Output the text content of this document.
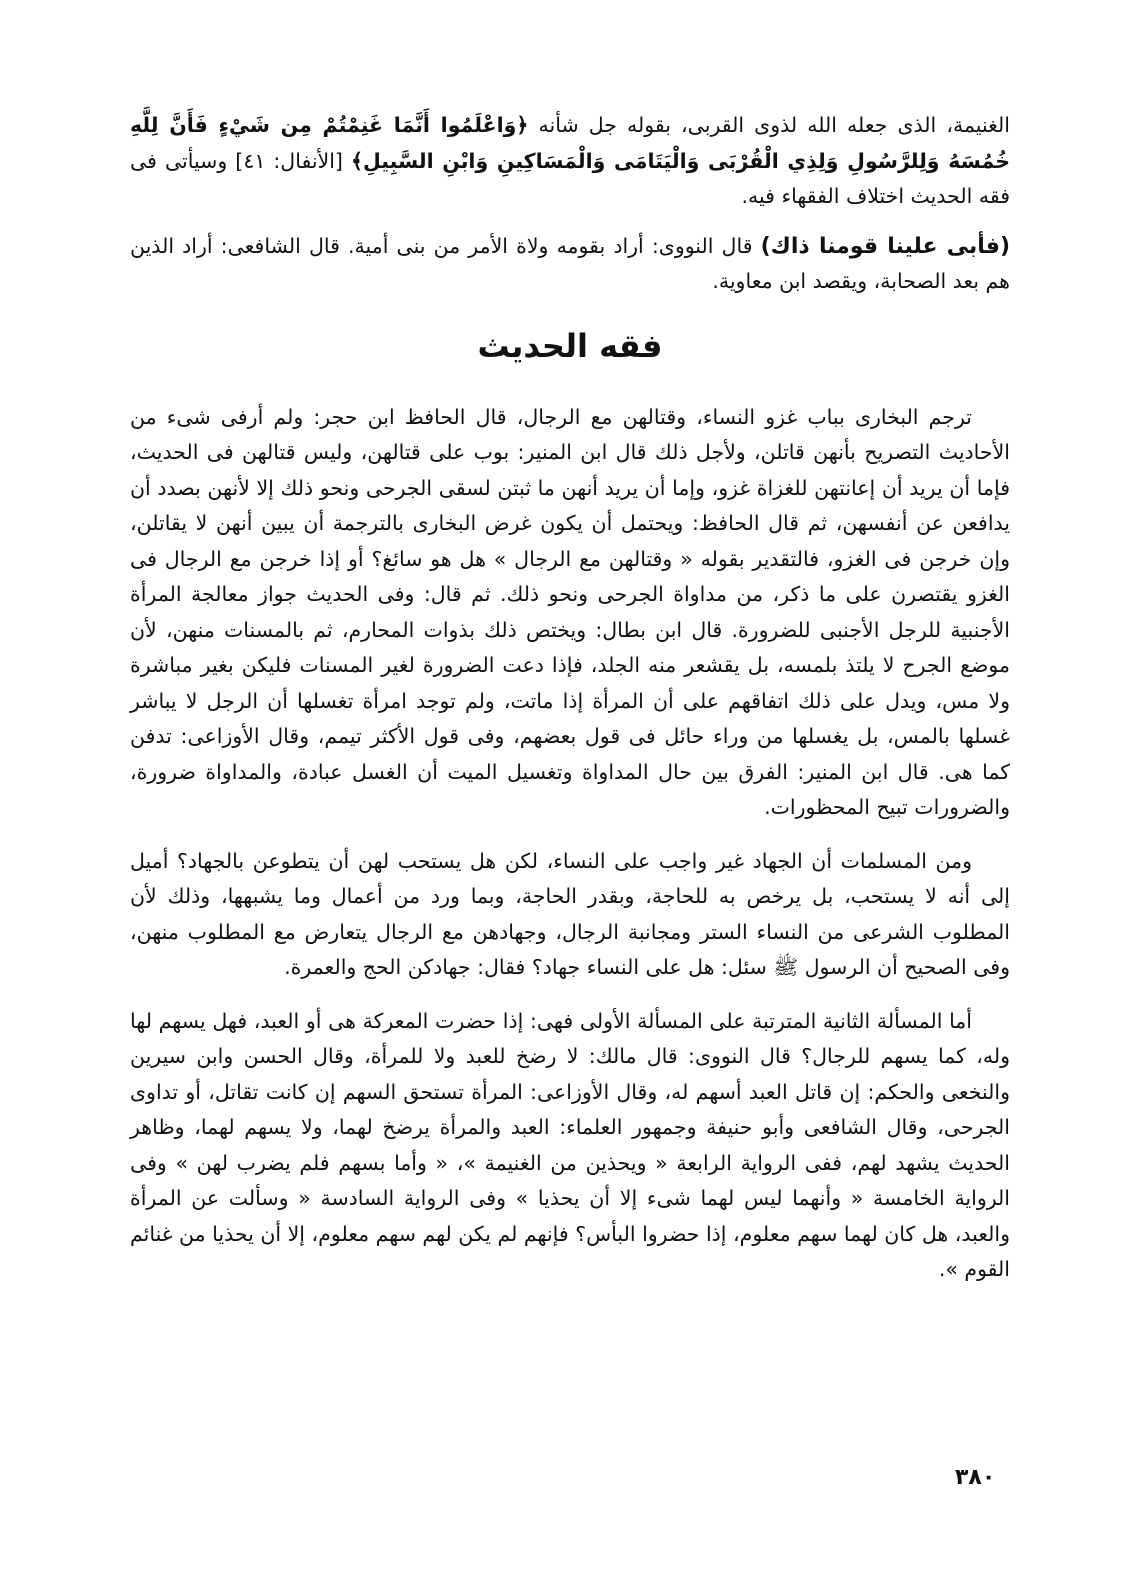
الغنيمة، الذى جعله الله لذوى القربى، بقوله جل شأنه ﴿وَاعْلَمُوا أَنَّمَا غَنِمْتُمْ مِن شَيْءٍ فَأَنَّ لِلَّهِ خُمُسَهُ وَلِلرَّسُولِ وَلِذِي الْقُرْبَى وَالْيَتَامَى وَالْمَسَاكِينِ وَابْنِ السَّبِيلِ﴾ [الأنفال: ٤١] وسيأتى فى فقه الحديث اختلاف الفقهاء فيه.

(فأبى علينا قومنا ذاك) قال النووى: أراد بقومه ولاة الأمر من بنى أمية. قال الشافعى: أراد الذين هم بعد الصحابة، ويقصد ابن معاوية.

فقه الحديث

ترجم البخارى بباب غزو النساء، وقتالهن مع الرجال، قال الحافظ ابن حجر: ولم أرفى شىء من الأحاديث التصريح بأنهن قاتلن، ولأجل ذلك قال ابن المنير: بوب على قتالهن، وليس قتالهن فى الحديث، فإما أن يريد أن إعانتهن للغزاة غزو، وإما أن يريد أنهن ما ثبتن لسقى الجرحى ونحو ذلك إلا لأنهن بصدد أن يدافعن عن أنفسهن، ثم قال الحافظ: ويحتمل أن يكون غرض البخارى بالترجمة أن يبين أنهن لا يقاتلن، وإن خرجن فى الغزو، فالتقدير بقوله « وقتالهن مع الرجال » هل هو سائغ؟ أو إذا خرجن مع الرجال فى الغزو يقتصرن على ما ذكر، من مداواة الجرحى ونحو ذلك. ثم قال: وفى الحديث جواز معالجة المرأة الأجنبية للرجل الأجنبى للضرورة. قال ابن بطال: ويختص ذلك بذوات المحارم، ثم بالمسنات منهن، لأن موضع الجرح لا يلتذ بلمسه، بل يقشعر منه الجلد، فإذا دعت الضرورة لغير المسنات فليكن بغير مباشرة ولا مس، ويدل على ذلك اتفاقهم على أن المرأة إذا ماتت، ولم توجد امرأة تغسلها أن الرجل لا يباشر غسلها بالمس، بل يغسلها من وراء حائل فى قول بعضهم، وفى قول الأكثر تيمم، وقال الأوزاعى: تدفن كما هى. قال ابن المنير: الفرق بين حال المداواة وتغسيل الميت أن الغسل عبادة، والمداواة ضرورة، والضرورات تبيح المحظورات.

ومن المسلمات أن الجهاد غير واجب على النساء، لكن هل يستحب لهن أن يتطوعن بالجهاد؟ أميل إلى أنه لا يستحب، بل يرخص به للحاجة، وبقدر الحاجة، وبما ورد من أعمال وما يشبهها، وذلك لأن المطلوب الشرعى من النساء الستر ومجانبة الرجال، وجهادهن مع الرجال يتعارض مع المطلوب منهن، وفى الصحيح أن الرسول ﷺ سئل: هل على النساء جهاد؟ فقال: جهادكن الحج والعمرة.

أما المسألة الثانية المترتبة على المسألة الأولى فهى: إذا حضرت المعركة هى أو العبد، فهل يسهم لها وله، كما يسهم للرجال؟ قال النووى: قال مالك: لا رضخ للعبد ولا للمرأة، وقال الحسن وابن سيرين والنخعى والحكم: إن قاتل العبد أسهم له، وقال الأوزاعى: المرأة تستحق السهم إن كانت تقاتل، أو تداوى الجرحى، وقال الشافعى وأبو حنيفة وجمهور العلماء: العبد والمرأة يرضخ لهما، ولا يسهم لهما، وظاهر الحديث يشهد لهم، ففى الرواية الرابعة « ويحذين من الغنيمة »، « وأما بسهم فلم يضرب لهن » وفى الرواية الخامسة « وأنهما ليس لهما شىء إلا أن يحذيا » وفى الرواية السادسة « وسألت عن المرأة والعبد، هل كان لهما سهم معلوم، إذا حضروا البأس؟ فإنهم لم يكن لهم سهم معلوم، إلا أن يحذيا من غنائم القوم ».

٣٨٠
